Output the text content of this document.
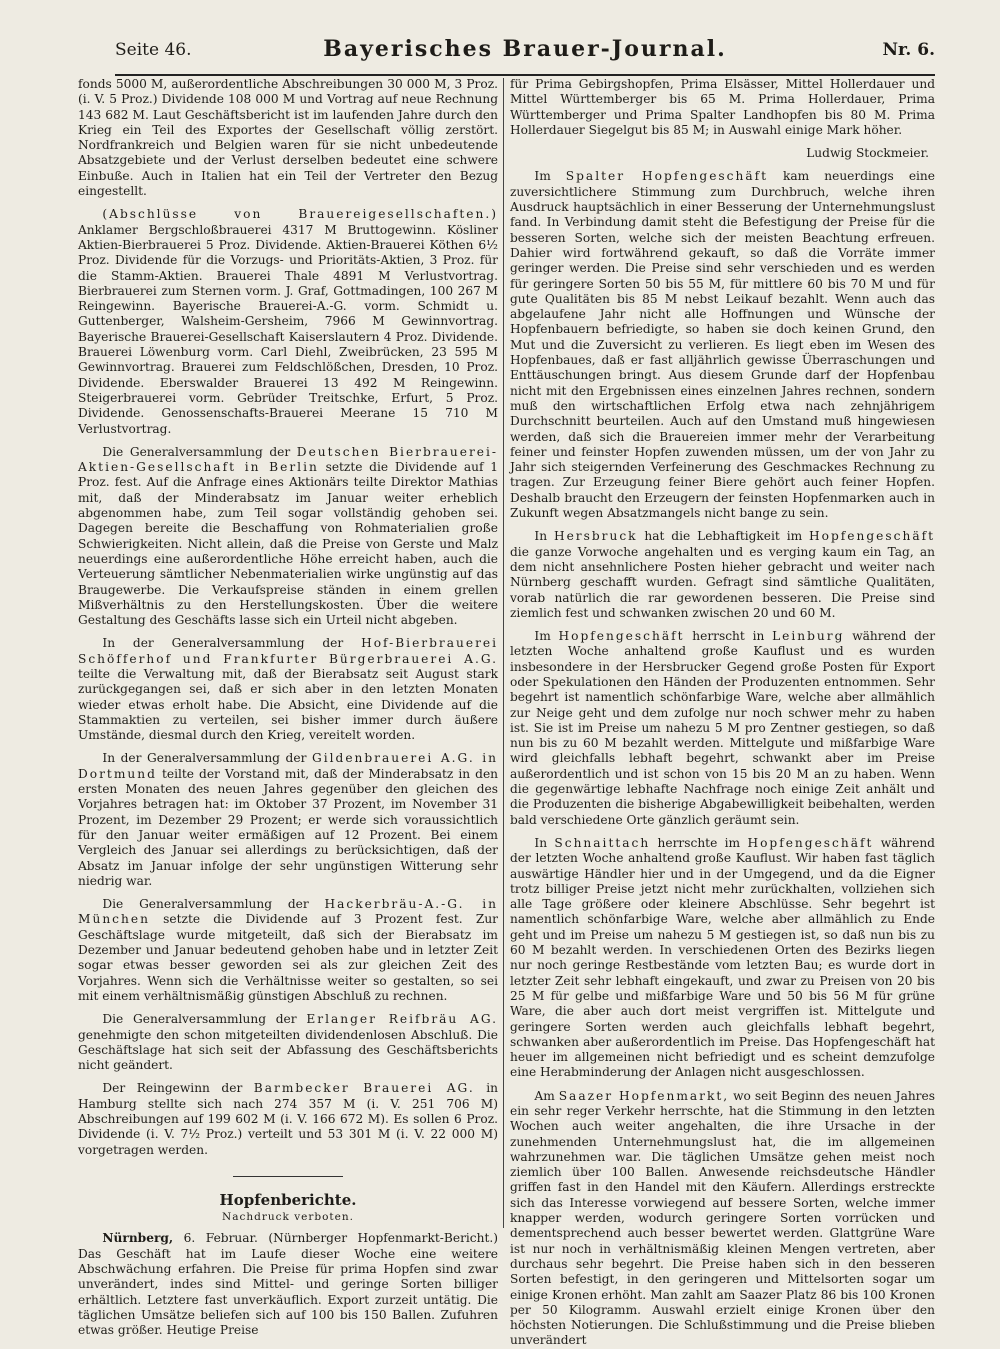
Seite 46.	Bayerisches Brauer-Journal.	Nr. 6.

fonds 5000 M, außerordentliche Abschreibungen 30 000 M, 3 Proz. (i. V. 5 Proz.) Dividende 108 000 M und Vortrag auf neue Rechnung 143 682 M. Laut Geschäftsbericht ist im laufenden Jahre durch den Krieg ein Teil des Exportes der Gesellschaft völlig zerstört. Nordfrankreich und Belgien waren für sie nicht unbedeutende Absatzgebiete und der Verlust derselben bedeutet eine schwere Einbuße. Auch in Italien hat ein Teil der Vertreter den Bezug eingestellt.

(Abschlüsse von Brauereigesellschaften.) Anklamer Bergschloßbrauerei 4317 M Bruttogewinn. Kösliner Aktien-Bierbrauerei 5 Proz. Dividende. Aktien-Brauerei Köthen 6½ Proz. Dividende für die Vorzugs- und Prioritäts-Aktien, 3 Proz. für die Stamm-Aktien. Brauerei Thale 4891 M Verlustvortrag. Bierbrauerei zum Sternen vorm. J. Graf, Gottmadingen, 100 267 M Reingewinn. Bayerische Brauerei-A.-G. vorm. Schmidt u. Guttenberger, Walsheim-Gersheim, 7966 M Gewinnvortrag. Bayerische Brauerei-Gesellschaft Kaiserslautern 4 Proz. Dividende. Brauerei Löwenburg vorm. Carl Diehl, Zweibrücken, 23 595 M Gewinnvortrag. Brauerei zum Feldschlößchen, Dresden, 10 Proz. Dividende. Eberswalder Brauerei 13 492 M Reingewinn. Steigerbrauerei vorm. Gebrüder Treitschke, Erfurt, 5 Proz. Dividende. Genossenschafts-Brauerei Meerane 15 710 M Verlustvortrag.

Die Generalversammlung der Deutschen Bierbrauerei-Aktien-Gesellschaft in Berlin setzte die Dividende auf 1 Proz. fest. Auf die Anfrage eines Aktionärs teilte Direktor Mathias mit, daß der Minderabsatz im Januar weiter erheblich abgenommen habe, zum Teil sogar vollständig gehoben sei. Dagegen bereite die Beschaffung von Rohmaterialien große Schwierigkeiten. Nicht allein, daß die Preise von Gerste und Malz neuerdings eine außerordentliche Höhe erreicht haben, auch die Verteuerung sämtlicher Nebenmaterialien wirke ungünstig auf das Braugewerbe. Die Verkaufspreise ständen in einem grellen Mißverhältnis zu den Herstellungskosten. Über die weitere Gestaltung des Geschäfts lasse sich ein Urteil nicht abgeben.

In der Generalversammlung der Hof-Bierbrauerei Schöfferhof und Frankfurter Bürgerbrauerei A.G. teilte die Verwaltung mit, daß der Bierabsatz seit August stark zurückgegangen sei, daß er sich aber in den letzten Monaten wieder etwas erholt habe. Die Absicht, eine Dividende auf die Stammaktien zu verteilen, sei bisher immer durch äußere Umstände, diesmal durch den Krieg, vereitelt worden.

In der Generalversammlung der Gildenbrauerei A.G. in Dortmund teilte der Vorstand mit, daß der Minderabsatz in den ersten Monaten des neuen Jahres gegenüber den gleichen des Vorjahres betragen hat: im Oktober 37 Prozent, im November 31 Prozent, im Dezember 29 Prozent; er werde sich voraussichtlich für den Januar weiter ermäßigen auf 12 Prozent. Bei einem Vergleich des Januar sei allerdings zu berücksichtigen, daß der Absatz im Januar infolge der sehr ungünstigen Witterung sehr niedrig war.

Die Generalversammlung der Hackerbräu-A.-G. in München setzte die Dividende auf 3 Prozent fest. Zur Geschäftslage wurde mitgeteilt, daß sich der Bierabsatz im Dezember und Januar bedeutend gehoben habe und in letzter Zeit sogar etwas besser geworden sei als zur gleichen Zeit des Vorjahres. Wenn sich die Verhältnisse weiter so gestalten, so sei mit einem verhältnismäßig günstigen Abschluß zu rechnen.

Die Generalversammlung der Erlanger Reifbräu AG. genehmigte den schon mitgeteilten dividendenlosen Abschluß. Die Geschäftslage hat sich seit der Abfassung des Geschäftsberichts nicht geändert.

Der Reingewinn der Barmbecker Brauerei AG. in Hamburg stellte sich nach 274 357 M (i. V. 251 706 M) Abschreibungen auf 199 602 M (i. V. 166 672 M). Es sollen 6 Proz. Dividende (i. V. 7½ Proz.) verteilt und 53 301 M (i. V. 22 000 M) vorgetragen werden.

Hopfenberichte.
Nachdruck verboten.

Nürnberg, 6. Februar. (Nürnberger Hopfenmarkt-Bericht.) Das Geschäft hat im Laufe dieser Woche eine weitere Abschwächung erfahren. Die Preise für prima Hopfen sind zwar unverändert, indes sind Mittel- und geringe Sorten billiger erhältlich. Letztere fast unverkäuflich. Export zurzeit untätig. Die täglichen Umsätze beliefen sich auf 100 bis 150 Ballen. Zufuhren etwas größer. Heutige Preise

für Prima Gebirgshopfen, Prima Elsässer, Mittel Hollerdauer und Mittel Württemberger bis 65 M. Prima Hollerdauer, Prima Württemberger und Prima Spalter Landhopfen bis 80 M. Prima Hollerdauer Siegelgut bis 85 M; in Auswahl einige Mark höher.

Ludwig Stockmeier.

Im Spalter Hopfengeschäft kam neuerdings eine zuversichtlichere Stimmung zum Durchbruch, welche ihren Ausdruck hauptsächlich in einer Besserung der Unternehmungslust fand. In Verbindung damit steht die Befestigung der Preise für die besseren Sorten, welche sich der meisten Beachtung erfreuen. Dahier wird fortwährend gekauft, so daß die Vorräte immer geringer werden. Die Preise sind sehr verschieden und es werden für geringere Sorten 50 bis 55 M, für mittlere 60 bis 70 M und für gute Qualitäten bis 85 M nebst Leikauf bezahlt. Wenn auch das abgelaufene Jahr nicht alle Hoffnungen und Wünsche der Hopfenbauern befriedigte, so haben sie doch keinen Grund, den Mut und die Zuversicht zu verlieren. Es liegt eben im Wesen des Hopfenbaues, daß er fast alljährlich gewisse Überraschungen und Enttäuschungen bringt. Aus diesem Grunde darf der Hopfenbau nicht mit den Ergebnissen eines einzelnen Jahres rechnen, sondern muß den wirtschaftlichen Erfolg etwa nach zehnjährigem Durchschnitt beurteilen. Auch auf den Umstand muß hingewiesen werden, daß sich die Brauereien immer mehr der Verarbeitung feiner und feinster Hopfen zuwenden müssen, um der von Jahr zu Jahr sich steigernden Verfeinerung des Geschmackes Rechnung zu tragen. Zur Erzeugung feiner Biere gehört auch feiner Hopfen. Deshalb braucht den Erzeugern der feinsten Hopfenmarken auch in Zukunft wegen Absatzmangels nicht bange zu sein.

In Hersbruck hat die Lebhaftigkeit im Hopfengeschäft die ganze Vorwoche angehalten und es verging kaum ein Tag, an dem nicht ansehnlichere Posten hieher gebracht und weiter nach Nürnberg geschafft wurden. Gefragt sind sämtliche Qualitäten, vorab natürlich die rar gewordenen besseren. Die Preise sind ziemlich fest und schwanken zwischen 20 und 60 M.

Im Hopfengeschäft herrscht in Leinburg während der letzten Woche anhaltend große Kauflust und es wurden insbesondere in der Hersbrucker Gegend große Posten für Export oder Spekulationen den Händen der Produzenten entnommen. Sehr begehrt ist namentlich schönfarbige Ware, welche aber allmählich zur Neige geht und dem zufolge nur noch schwer mehr zu haben ist. Sie ist im Preise um nahezu 5 M pro Zentner gestiegen, so daß nun bis zu 60 M bezahlt werden. Mittelgute und mißfarbige Ware wird gleichfalls lebhaft begehrt, schwankt aber im Preise außerordentlich und ist schon von 15 bis 20 M an zu haben. Wenn die gegenwärtige lebhafte Nachfrage noch einige Zeit anhält und die Produzenten die bisherige Abgabewilligkeit beibehalten, werden bald verschiedene Orte gänzlich geräumt sein.

In Schnaittach herrschte im Hopfengeschäft während der letzten Woche anhaltend große Kauflust. Wir haben fast täglich auswärtige Händler hier und in der Umgegend, und da die Eigner trotz billiger Preise jetzt nicht mehr zurückhalten, vollziehen sich alle Tage größere oder kleinere Abschlüsse. Sehr begehrt ist namentlich schönfarbige Ware, welche aber allmählich zu Ende geht und im Preise um nahezu 5 M gestiegen ist, so daß nun bis zu 60 M bezahlt werden. In verschiedenen Orten des Bezirks liegen nur noch geringe Restbestände vom letzten Bau; es wurde dort in letzter Zeit sehr lebhaft eingekauft, und zwar zu Preisen von 20 bis 25 M für gelbe und mißfarbige Ware und 50 bis 56 M für grüne Ware, die aber auch dort meist vergriffen ist. Mittelgute und geringere Sorten werden auch gleichfalls lebhaft begehrt, schwanken aber außerordentlich im Preise. Das Hopfengeschäft hat heuer im allgemeinen nicht befriedigt und es scheint demzufolge eine Herabminderung der Anlagen nicht ausgeschlossen.

Am Saazer Hopfenmarkt, wo seit Beginn des neuen Jahres ein sehr reger Verkehr herrschte, hat die Stimmung in den letzten Wochen auch weiter angehalten, die ihre Ursache in der zunehmenden Unternehmungslust hat, die im allgemeinen wahrzunehmen war. Die täglichen Umsätze gehen meist noch ziemlich über 100 Ballen. Anwesende reichsdeutsche Händler griffen fast in den Handel mit den Käufern. Allerdings erstreckte sich das Interesse vorwiegend auf bessere Sorten, welche immer knapper werden, wodurch geringere Sorten vorrücken und dementsprechend auch besser bewertet werden. Glattgrüne Ware ist nur noch in verhältnismäßig kleinen Mengen vertreten, aber durchaus sehr begehrt. Die Preise haben sich in den besseren Sorten befestigt, in den geringeren und Mittelsorten sogar um einige Kronen erhöht. Man zahlt am Saazer Platz 86 bis 100 Kronen per 50 Kilogramm. Auswahl erzielt einige Kronen über den höchsten Notierungen. Die Schlußstimmung und die Preise blieben unverändert
